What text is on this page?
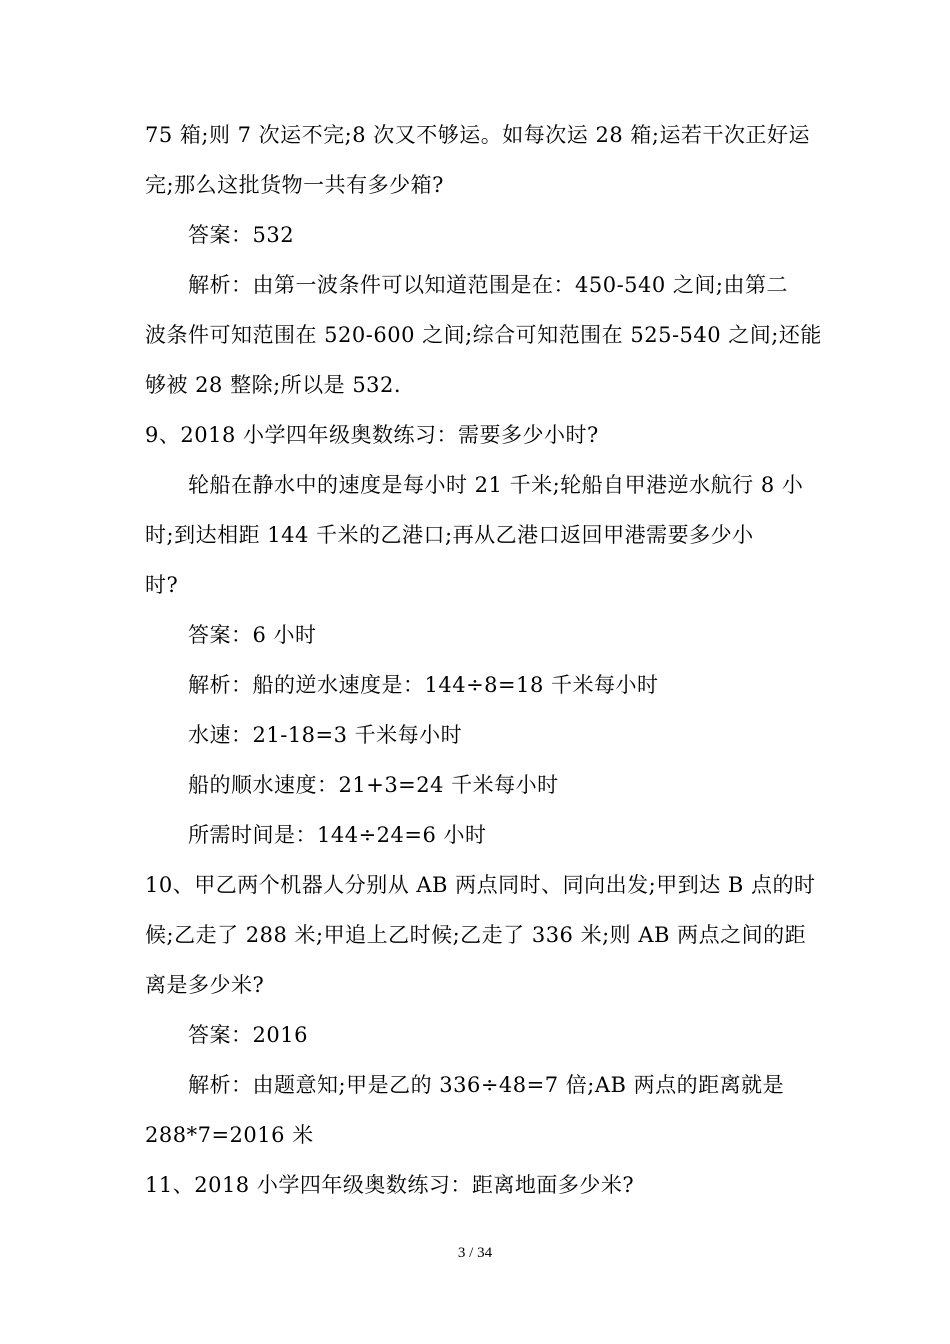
75 箱;则 7 次运不完;8 次又不够运。如每次运 28 箱;运若干次正好运
完;那么这批货物一共有多少箱?
答案：532
解析：由第一波条件可以知道范围是在：450-540 之间;由第二
波条件可知范围在 520-600 之间;综合可知范围在 525-540 之间;还能
够被 28 整除;所以是 532.
9、2018 小学四年级奥数练习：需要多少小时?
轮船在静水中的速度是每小时 21 千米;轮船自甲港逆水航行 8 小
时;到达相距 144 千米的乙港口;再从乙港口返回甲港需要多少小
时?
答案：6 小时
解析：船的逆水速度是：144÷8=18 千米每小时
水速：21-18=3 千米每小时
船的顺水速度：21+3=24 千米每小时
所需时间是：144÷24=6 小时
10、甲乙两个机器人分别从 AB 两点同时、同向出发;甲到达 B 点的时
候;乙走了 288 米;甲追上乙时候;乙走了 336 米;则 AB 两点之间的距
离是多少米?
答案：2016
解析：由题意知;甲是乙的 336÷48=7 倍;AB 两点的距离就是
288*7=2016 米
11、2018 小学四年级奥数练习：距离地面多少米?
3 / 34
